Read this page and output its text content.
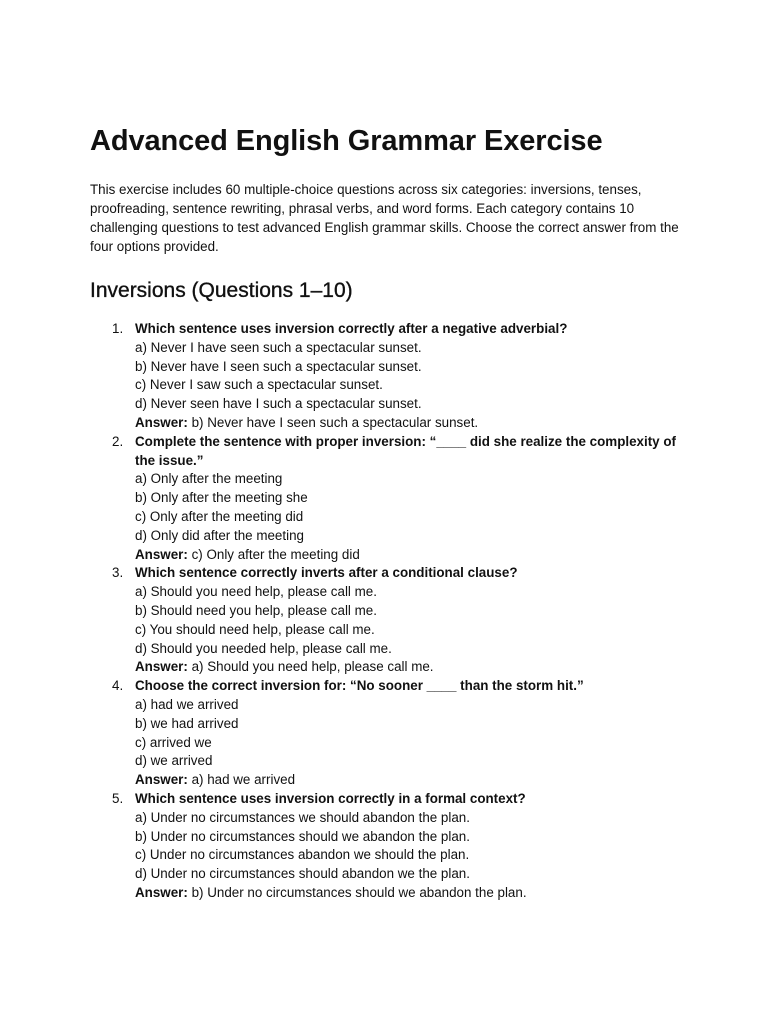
Advanced English Grammar Exercise

This exercise includes 60 multiple-choice questions across six categories: inversions, tenses, proofreading, sentence rewriting, phrasal verbs, and word forms. Each category contains 10 challenging questions to test advanced English grammar skills. Choose the correct answer from the four options provided.

Inversions (Questions 1–10)
1. Which sentence uses inversion correctly after a negative adverbial?
a) Never I have seen such a spectacular sunset.
b) Never have I seen such a spectacular sunset.
c) Never I saw such a spectacular sunset.
d) Never seen have I such a spectacular sunset.
Answer: b) Never have I seen such a spectacular sunset.
2. Complete the sentence with proper inversion: “____ did she realize the complexity of the issue.”
a) Only after the meeting
b) Only after the meeting she
c) Only after the meeting did
d) Only did after the meeting
Answer: c) Only after the meeting did
3. Which sentence correctly inverts after a conditional clause?
a) Should you need help, please call me.
b) Should need you help, please call me.
c) You should need help, please call me.
d) Should you needed help, please call me.
Answer: a) Should you need help, please call me.
4. Choose the correct inversion for: “No sooner ____ than the storm hit.”
a) had we arrived
b) we had arrived
c) arrived we
d) we arrived
Answer: a) had we arrived
5. Which sentence uses inversion correctly in a formal context?
a) Under no circumstances we should abandon the plan.
b) Under no circumstances should we abandon the plan.
c) Under no circumstances abandon we should the plan.
d) Under no circumstances should abandon we the plan.
Answer: b) Under no circumstances should we abandon the plan.
